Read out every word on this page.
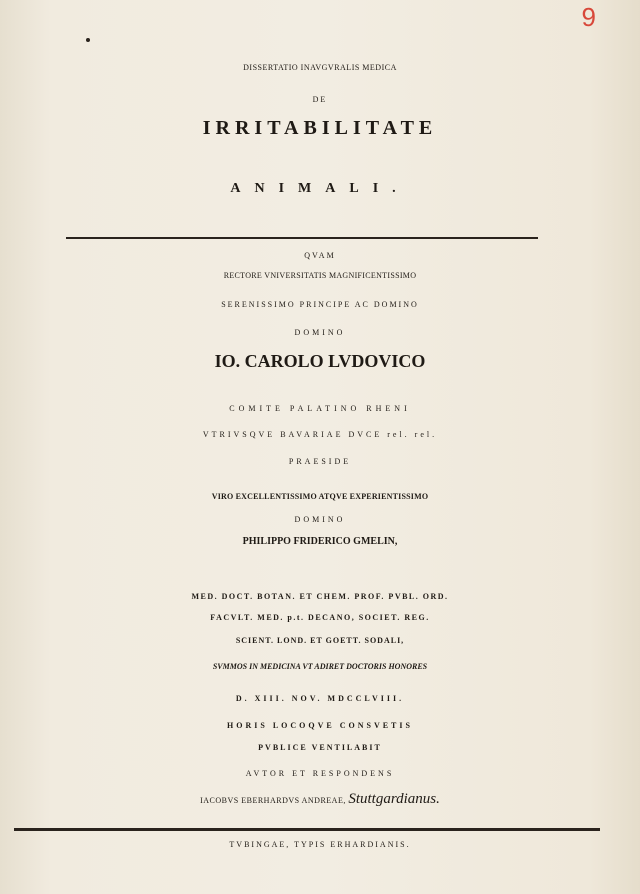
9
DISSERTATIO INAVGVRALIS MEDICA
DE
IRRITABILITATE
ANIMALI.
QVAM
RECTORE VNIVERSITATIS MAGNIFICENTISSIMO
SERENISSIMO PRINCIPE AC DOMINO
DOMINO
IO. CAROLO LVDOVICO
COMITE PALATINO RHENI
VTRIVSQVE BAVARIAE DVCE rel. rel.
PRAESIDE
VIRO EXCELLENTISSIMO ATQVE EXPERIENTISSIMO
DOMINO
PHILIPPO FRIDERICO GMELIN,
MED. DOCT. BOTAN. ET CHEM. PROF. PVBL. ORD.
FACVLT. MED. p.t. DECANO, SOCIET. REG.
SCIENT. LOND. ET GOETT. SODALI,
SVMMOS IN MEDICINA VT ADIRET DOCTORIS HONORES
D. XIII. NOV. MDCCLVIII.
HORIS LOCOQVE CONSVETIS
PVBLICE VENTILABIT
AVTOR ET RESPONDENS
IACOBVS EBERHARDVS ANDREAE, Stuttgardianus.
TVBINGAE, TYPIS ERHARDIANIS.
